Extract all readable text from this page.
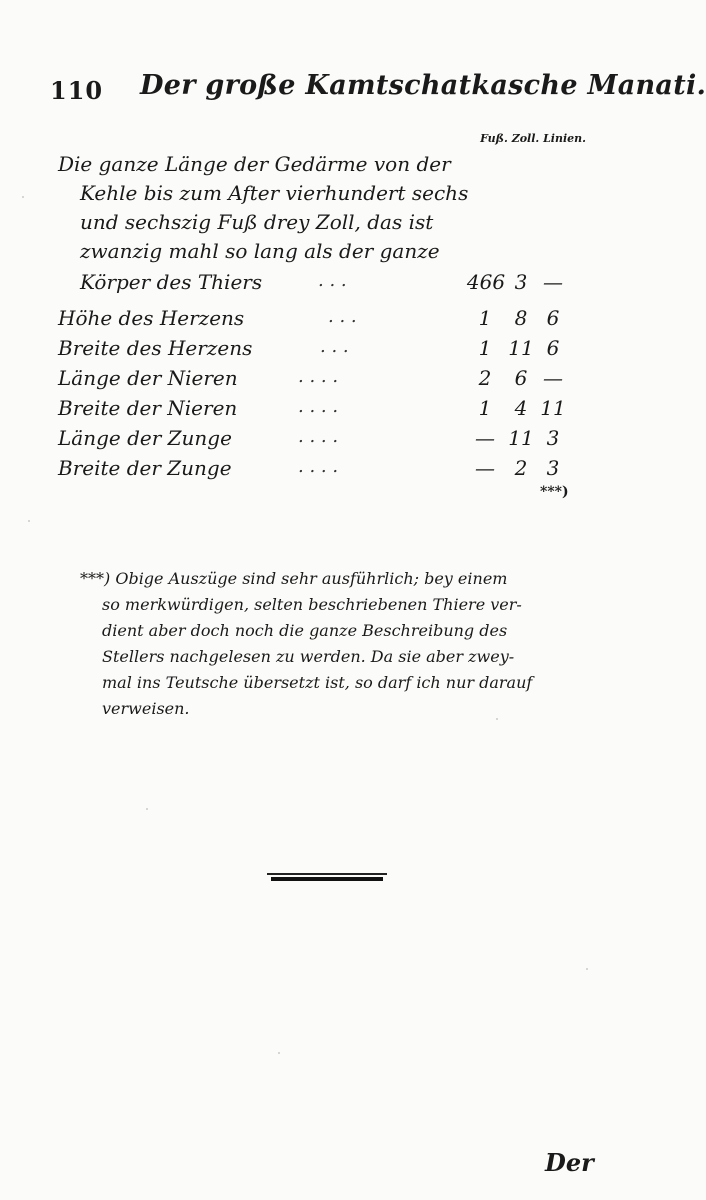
110 Der große Kamtschatkasche Manati.
Fuß. Zoll. Linien.
Die ganze Länge der Gedärme von der
Kehle bis zum After vierhundert sechs
und sechszig Fuß drey Zoll, das ist
zwanzig mahl so lang als der ganze
Körper des Thiers	. . .	466 3 —
Höhe des Herzens	. . .	1	8 6
Breite des Herzens	. . .	1 11 6
Länge der Nieren	. . . .	2	6 —
Breite der Nieren	. . . .	1	4 11
Länge der Zunge	. . . .	— 11 3
Breite der Zunge	. . . .	— 2 3
***)
***) Obige Auszüge sind sehr ausführlich; bey einem
so merkwürdigen, selten beschriebenen Thiere ver-
dient aber doch noch die ganze Beschreibung des
Stellers nachgelesen zu werden. Da sie aber zwey-
mal ins Teutsche übersetzt ist, so darf ich nur darauf
verweisen.
Der
